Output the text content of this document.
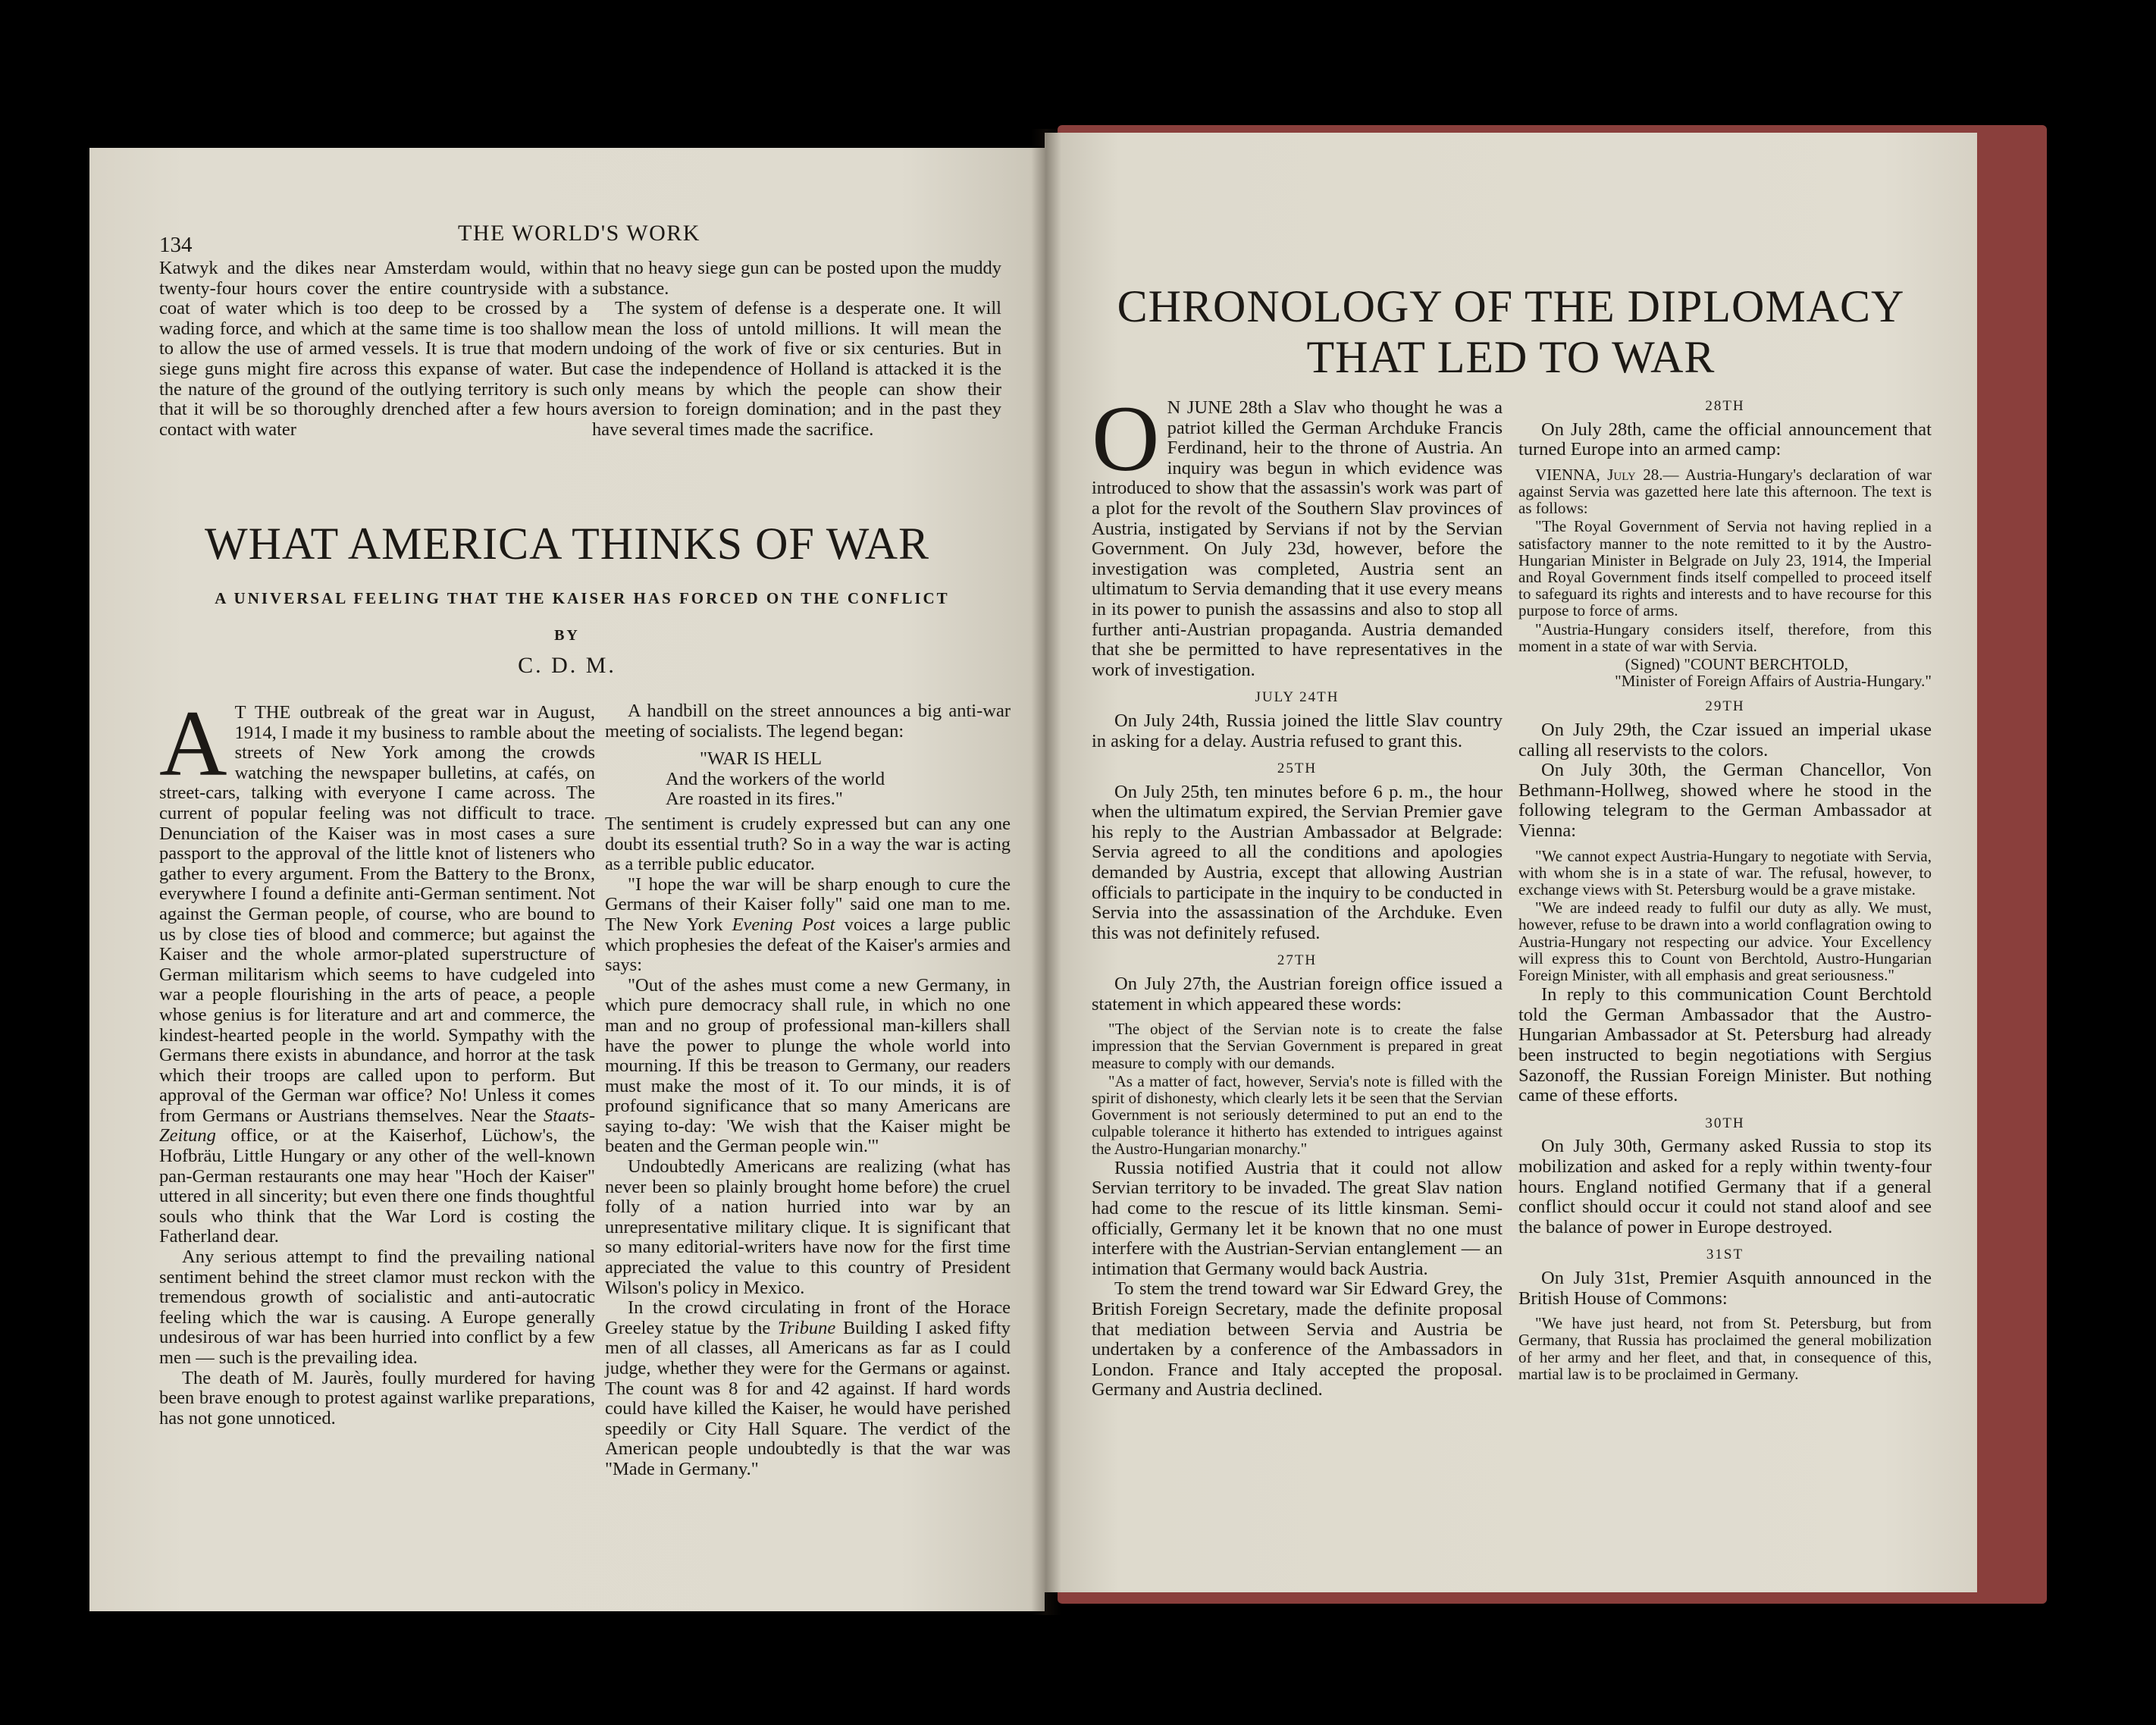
134	THE WORLD'S WORK

Katwyk and the dikes near Amsterdam would, within twenty-four hours cover the entire countryside with a coat of water which is too deep to be crossed by a wading force, and which at the same time is too shallow to allow the use of armed vessels. It is true that modern siege guns might fire across this expanse of water. But the nature of the ground of the outlying territory is such that it will be so thoroughly drenched after a few hours contact with water

that no heavy siege gun can be posted upon the muddy substance.

The system of defense is a desperate one. It will mean the loss of untold millions. It will mean the undoing of the work of five or six centuries. But in case the independence of Holland is attacked it is the only means by which the people can show their aversion to foreign domination; and in the past they have several times made the sacrifice.

WHAT AMERICA THINKS OF WAR
A UNIVERSAL FEELING THAT THE KAISER HAS FORCED ON THE CONFLICT
BY
C. D. M.

A T THE outbreak of the great war in August, 1914, I made it my business to ramble about the streets of New York among the crowds watching the newspaper bulletins, at cafés, on street-cars, talking with everyone I came across. The current of popular feeling was not difficult to trace. Denunciation of the Kaiser was in most cases a sure passport to the approval of the little knot of listeners who gather to every argument. From the Battery to the Bronx, everywhere I found a definite anti-German sentiment. Not against the German people, of course, who are bound to us by close ties of blood and commerce; but against the Kaiser and the whole armor-plated superstructure of German militarism which seems to have cudgeled into war a people flourishing in the arts of peace, a people whose genius is for literature and art and commerce, the kindest-hearted people in the world. Sympathy with the Germans there exists in abundance, and horror at the task which their troops are called upon to perform. But approval of the German war office? No! Unless it comes from Germans or Austrians themselves. Near the Staats-Zeitung office, or at the Kaiserhof, Lüchow's, the Hofbräu, Little Hungary or any other of the well-known pan-German restaurants one may hear "Hoch der Kaiser" uttered in all sincerity; but even there one finds thoughtful souls who think that the War Lord is costing the Fatherland dear.

Any serious attempt to find the prevailing national sentiment behind the street clamor must reckon with the tremendous growth of socialistic and anti-autocratic feeling which the war is causing. A Europe generally undesirous of war has been hurried into conflict by a few men — such is the prevailing idea.

The death of M. Jaurès, foully murdered for having been brave enough to protest against warlike preparations, has not gone unnoticed.

A handbill on the street announces a big anti-war meeting of socialists. The legend began:

"WAR IS HELL
And the workers of the world
Are roasted in its fires."

The sentiment is crudely expressed but can any one doubt its essential truth? So in a way the war is acting as a terrible public educator.

"I hope the war will be sharp enough to cure the Germans of their Kaiser folly" said one man to me. The New York Evening Post voices a large public which prophesies the defeat of the Kaiser's armies and says:

"Out of the ashes must come a new Germany, in which pure democracy shall rule, in which no one man and no group of professional man-killers shall have the power to plunge the whole world into mourning. If this be treason to Germany, our readers must make the most of it. To our minds, it is of profound significance that so many Americans are saying to-day: 'We wish that the Kaiser might be beaten and the German people win.'"

Undoubtedly Americans are realizing (what has never been so plainly brought home before) the cruel folly of a nation hurried into war by an unrepresentative military clique. It is significant that so many editorial-writers have now for the first time appreciated the value to this country of President Wilson's policy in Mexico.

In the crowd circulating in front of the Horace Greeley statue by the Tribune Building I asked fifty men of all classes, all Americans as far as I could judge, whether they were for the Germans or against. The count was 8 for and 42 against. If hard words could have killed the Kaiser, he would have perished speedily or City Hall Square. The verdict of the American people undoubtedly is that the war was "Made in Germany."

CHRONOLOGY OF THE DIPLOMACY
THAT LED TO WAR

O N JUNE 28th a Slav who thought he was a patriot killed the German Archduke Francis Ferdinand, heir to the throne of Austria. An inquiry was begun in which evidence was introduced to show that the assassin's work was part of a plot for the revolt of the Southern Slav provinces of Austria, instigated by Servians if not by the Servian Government. On July 23d, however, before the investigation was completed, Austria sent an ultimatum to Servia demanding that it use every means in its power to punish the assassins and also to stop all further anti-Austrian propaganda. Austria demanded that she be permitted to have representatives in the work of investigation.

JULY 24TH

On July 24th, Russia joined the little Slav country in asking for a delay. Austria refused to grant this.

25TH

On July 25th, ten minutes before 6 p. m., the hour when the ultimatum expired, the Servian Premier gave his reply to the Austrian Ambassador at Belgrade: Servia agreed to all the conditions and apologies demanded by Austria, except that allowing Austrian officials to participate in the inquiry to be conducted in Servia into the assassination of the Archduke. Even this was not definitely refused.

27TH

On July 27th, the Austrian foreign office issued a statement in which appeared these words:

"The object of the Servian note is to create the false impression that the Servian Government is prepared in great measure to comply with our demands.

"As a matter of fact, however, Servia's note is filled with the spirit of dishonesty, which clearly lets it be seen that the Servian Government is not seriously determined to put an end to the culpable tolerance it hitherto has extended to intrigues against the Austro-Hungarian monarchy."

Russia notified Austria that it could not allow Servian territory to be invaded. The great Slav nation had come to the rescue of its little kinsman. Semi-officially, Germany let it be known that no one must interfere with the Austrian-Servian entanglement — an intimation that Germany would back Austria.

To stem the trend toward war Sir Edward Grey, the British Foreign Secretary, made the definite proposal that mediation between Servia and Austria be undertaken by a conference of the Ambassadors in London. France and Italy accepted the proposal. Germany and Austria declined.

28TH

On July 28th, came the official announcement that turned Europe into an armed camp:

VIENNA, July 28.— Austria-Hungary's declaration of war against Servia was gazetted here late this afternoon. The text is as follows:

"The Royal Government of Servia not having replied in a satisfactory manner to the note remitted to it by the Austro-Hungarian Minister in Belgrade on July 23, 1914, the Imperial and Royal Government finds itself compelled to proceed itself to safeguard its rights and interests and to have recourse for this purpose to force of arms.

"Austria-Hungary considers itself, therefore, from this moment in a state of war with Servia.

(Signed) "COUNT BERCHTOLD,

"Minister of Foreign Affairs of Austria-Hungary."

29TH

On July 29th, the Czar issued an imperial ukase calling all reservists to the colors.

On July 30th, the German Chancellor, Von Bethmann-Hollweg, showed where he stood in the following telegram to the German Ambassador at Vienna:

"We cannot expect Austria-Hungary to negotiate with Servia, with whom she is in a state of war. The refusal, however, to exchange views with St. Petersburg would be a grave mistake.

"We are indeed ready to fulfil our duty as ally. We must, however, refuse to be drawn into a world conflagration owing to Austria-Hungary not respecting our advice. Your Excellency will express this to Count von Berchtold, Austro-Hungarian Foreign Minister, with all emphasis and great seriousness."

In reply to this communication Count Berchtold told the German Ambassador that the Austro-Hungarian Ambassador at St. Petersburg had already been instructed to begin negotiations with Sergius Sazonoff, the Russian Foreign Minister. But nothing came of these efforts.

30TH

On July 30th, Germany asked Russia to stop its mobilization and asked for a reply within twenty-four hours. England notified Germany that if a general conflict should occur it could not stand aloof and see the balance of power in Europe destroyed.

31ST

On July 31st, Premier Asquith announced in the British House of Commons:

"We have just heard, not from St. Petersburg, but from Germany, that Russia has proclaimed the general mobilization of her army and her fleet, and that, in consequence of this, martial law is to be proclaimed in Germany.
